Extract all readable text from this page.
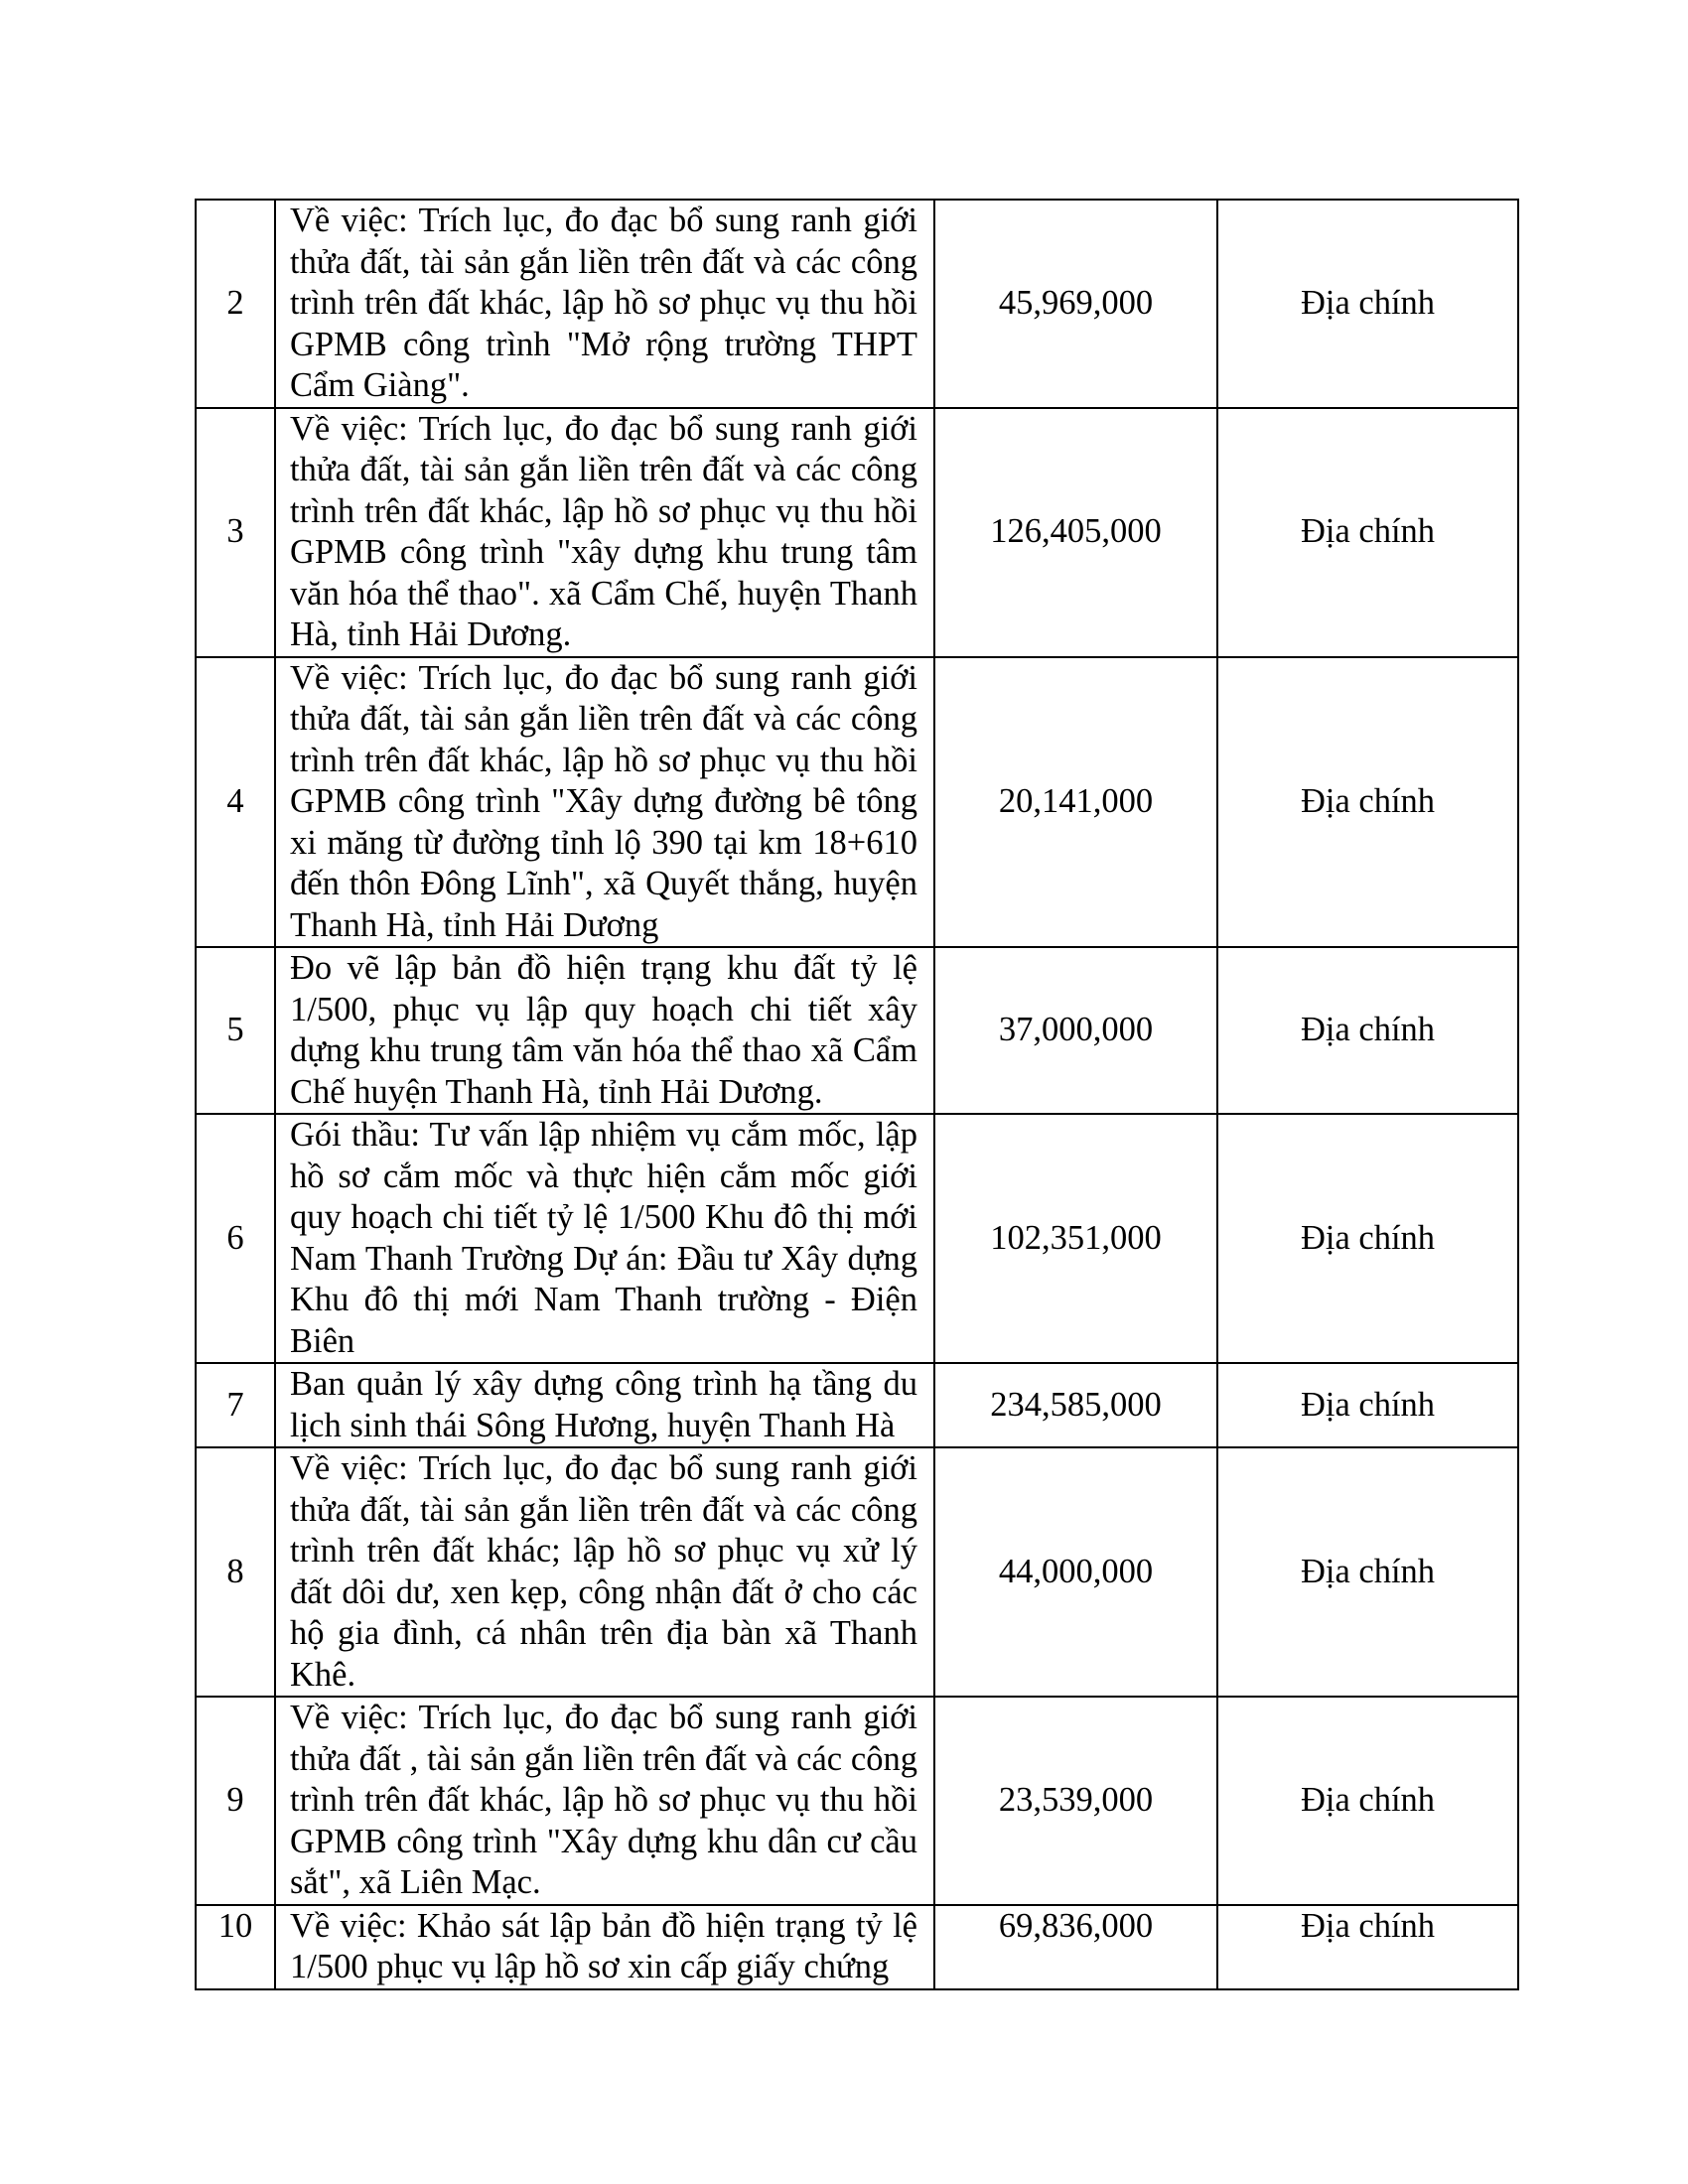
2	Về việc: Trích lục, đo đạc bổ sung ranh giới thửa đất, tài sản gắn liền trên đất và các công trình trên đất khác, lập hồ sơ phục vụ thu hồi GPMB công trình "Mở rộng trường THPT Cẩm Giàng".	45,969,000	Địa chính
3	Về việc: Trích lục, đo đạc bổ sung ranh giới thửa đất, tài sản gắn liền trên đất và các công trình trên đất khác, lập hồ sơ phục vụ thu hồi GPMB công trình "xây dựng khu trung tâm văn hóa thể thao". xã Cẩm Chế, huyện Thanh Hà, tỉnh Hải Dương.	126,405,000	Địa chính
4	Về việc: Trích lục, đo đạc bổ sung ranh giới thửa đất, tài sản gắn liền trên đất và các công trình trên đất khác, lập hồ sơ phục vụ thu hồi GPMB công trình "Xây dựng đường bê tông xi măng từ đường tỉnh lộ 390 tại km 18+610 đến thôn Đông Lĩnh", xã Quyết thắng, huyện Thanh Hà, tỉnh Hải Dương	20,141,000	Địa chính
5	Đo vẽ lập bản đồ hiện trạng khu đất tỷ lệ 1/500, phục vụ lập quy hoạch chi tiết xây dựng khu trung tâm văn hóa thể thao xã Cẩm Chế huyện Thanh Hà, tỉnh Hải Dương.	37,000,000	Địa chính
6	Gói thầu: Tư vấn lập nhiệm vụ cắm mốc, lập hồ sơ cắm mốc và thực hiện cắm mốc giới quy hoạch chi tiết tỷ lệ 1/500 Khu đô thị mới Nam Thanh Trường Dự án: Đầu tư Xây dựng Khu đô thị mới Nam Thanh trường - Điện Biên	102,351,000	Địa chính
7	Ban quản lý xây dựng công trình hạ tầng du lịch sinh thái Sông Hương, huyện Thanh Hà	234,585,000	Địa chính
8	Về việc: Trích lục, đo đạc bổ sung ranh giới thửa đất, tài sản gắn liền trên đất và các công trình trên đất khác; lập hồ sơ phục vụ xử lý đất dôi dư, xen kẹp, công nhận đất ở cho các hộ gia đình, cá nhân trên địa bàn xã Thanh Khê.	44,000,000	Địa chính
9	Về việc: Trích lục, đo đạc bổ sung ranh giới thửa đất , tài sản gắn liền trên đất và các công trình trên đất khác, lập hồ sơ phục vụ thu hồi GPMB công trình "Xây dựng khu dân cư cầu sắt", xã Liên Mạc.	23,539,000	Địa chính
10	Về việc: Khảo sát lập bản đồ hiện trạng tỷ lệ 1/500 phục vụ lập hồ sơ xin cấp giấy chứng	69,836,000	Địa chính
